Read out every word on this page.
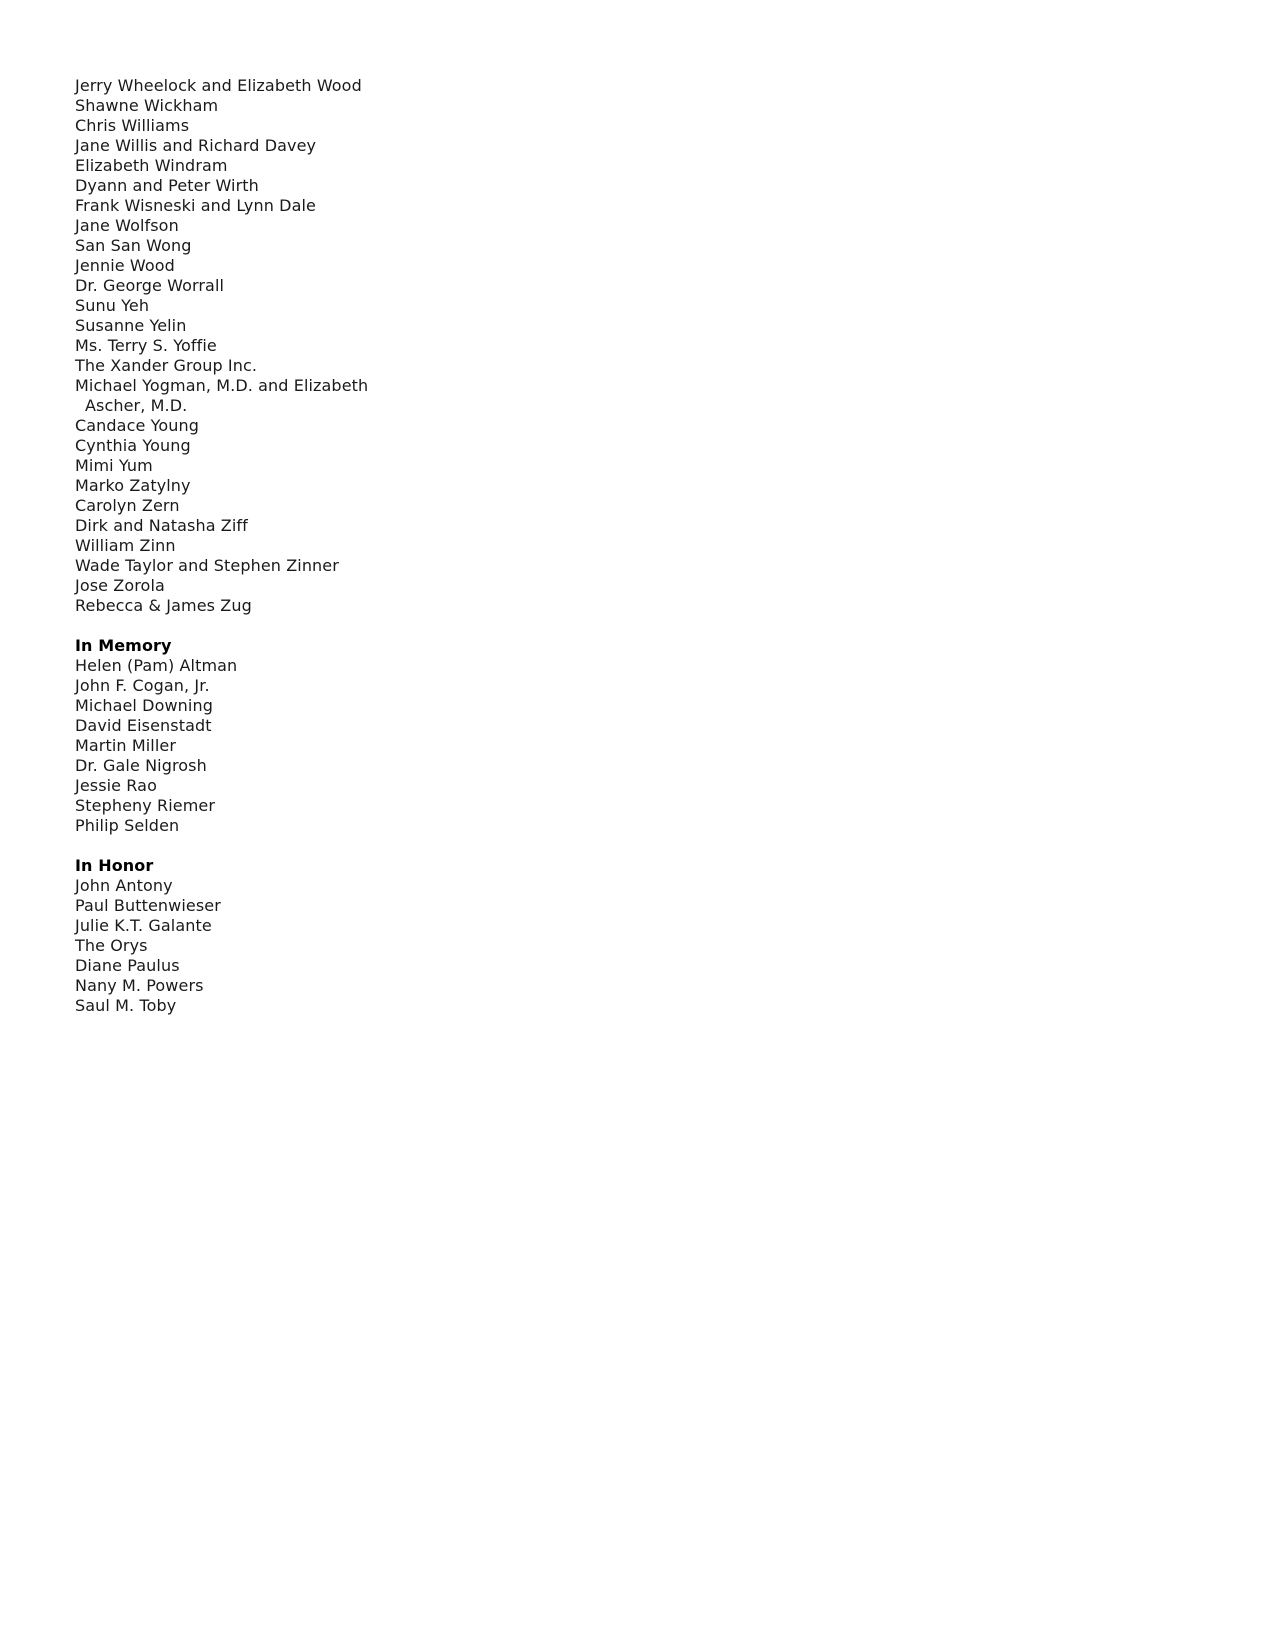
Jerry Wheelock and Elizabeth Wood
Shawne Wickham
Chris Williams
Jane Willis and Richard Davey
Elizabeth Windram
Dyann and Peter Wirth
Frank Wisneski and Lynn Dale
Jane Wolfson
San San Wong
Jennie Wood
Dr. George Worrall
Sunu Yeh
Susanne Yelin
Ms. Terry S. Yoffie
The Xander Group Inc.
Michael Yogman, M.D. and Elizabeth
Ascher, M.D.
Candace Young
Cynthia Young
Mimi Yum
Marko Zatylny
Carolyn Zern
Dirk and Natasha Ziff
William Zinn
Wade Taylor and Stephen Zinner
Jose Zorola
Rebecca & James Zug
In Memory
Helen (Pam) Altman
John F. Cogan, Jr.
Michael Downing
David Eisenstadt
Martin Miller
Dr. Gale Nigrosh
Jessie Rao
Stepheny Riemer
Philip Selden
In Honor
John Antony
Paul Buttenwieser
Julie K.T. Galante
The Orys
Diane Paulus
Nany M. Powers
Saul M. Toby
